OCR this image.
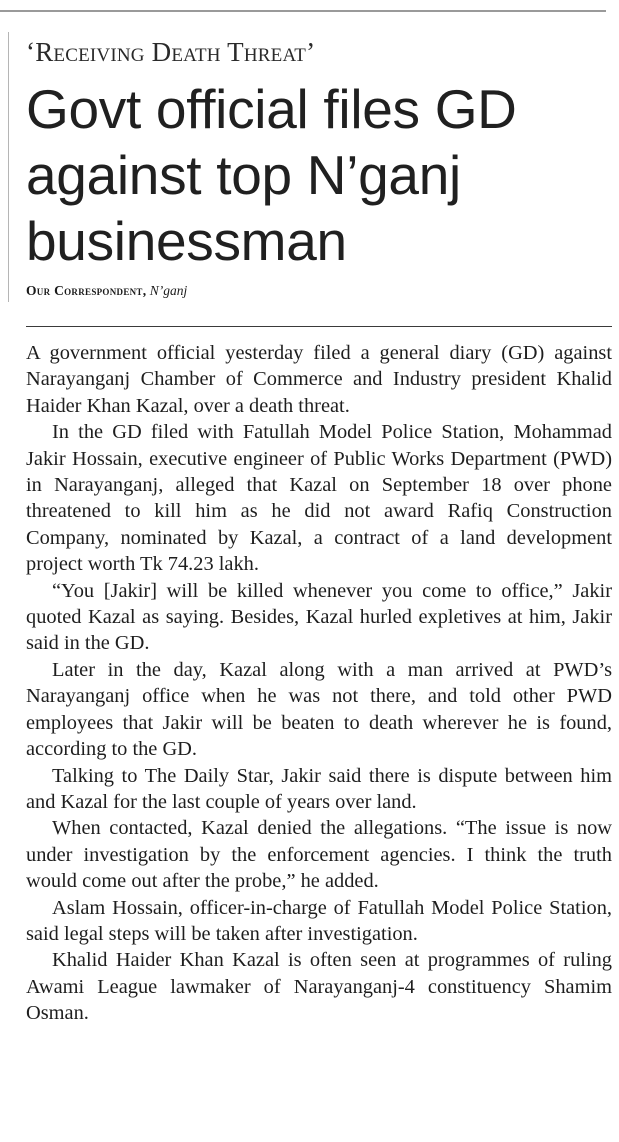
‘Receiving Death Threat’
Govt official files GD
against top N’ganj
businessman
Our Correspondent, N’ganj

A government official yesterday filed a general diary (GD) against Narayanganj Chamber of Commerce and Industry president Khalid Haider Khan Kazal, over a death threat.

In the GD filed with Fatullah Model Police Station, Mohammad Jakir Hossain, executive engineer of Public Works Department (PWD) in Narayanganj, alleged that Kazal on September 18 over phone threatened to kill him as he did not award Rafiq Construction Company, nominated by Kazal, a contract of a land development project worth Tk 74.23 lakh.

“You [Jakir] will be killed whenever you come to office,” Jakir quoted Kazal as saying. Besides, Kazal hurled expletives at him, Jakir said in the GD.

Later in the day, Kazal along with a man arrived at PWD’s Narayanganj office when he was not there, and told other PWD employees that Jakir will be beaten to death wherever he is found, according to the GD.

Talking to The Daily Star, Jakir said there is dispute between him and Kazal for the last couple of years over land.

When contacted, Kazal denied the allegations. “The issue is now under investigation by the enforcement agencies. I think the truth would come out after the probe,” he added.

Aslam Hossain, officer-in-charge of Fatullah Model Police Station, said legal steps will be taken after investigation.

Khalid Haider Khan Kazal is often seen at programmes of ruling Awami League lawmaker of Narayanganj-4 constituency Shamim Osman.
